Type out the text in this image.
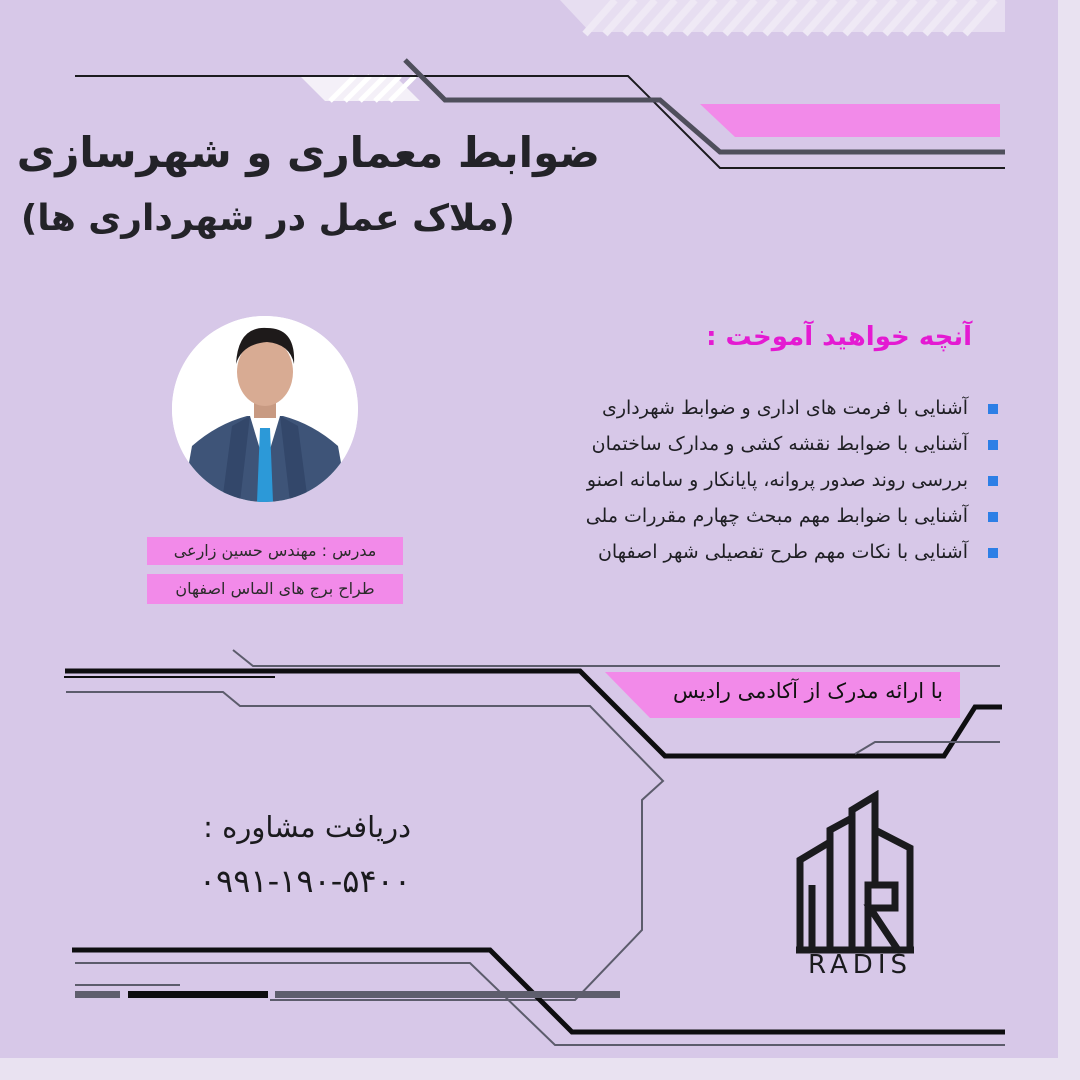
ضوابط معماری و شهرسازی
(ملاک عمل در شهرداری ها)
مدرس : مهندس حسین زارعی
طراح برج های الماس اصفهان
آنچه خواهید آموخت :
آشنایی با فرمت های اداری و ضوابط شهرداری
آشنایی با ضوابط نقشه کشی و مدارک ساختمان
بررسی روند صدور پروانه، پایانکار و سامانه اصنو
آشنایی با ضوابط مهم مبحث چهارم مقررات ملی
آشنایی با نکات مهم طرح تفصیلی شهر اصفهان

با ارائه مدرک از آکادمی رادیس

دریافت مشاوره :

۰۹۹۱-۱۹۰-۵۴۰۰

RADIS
